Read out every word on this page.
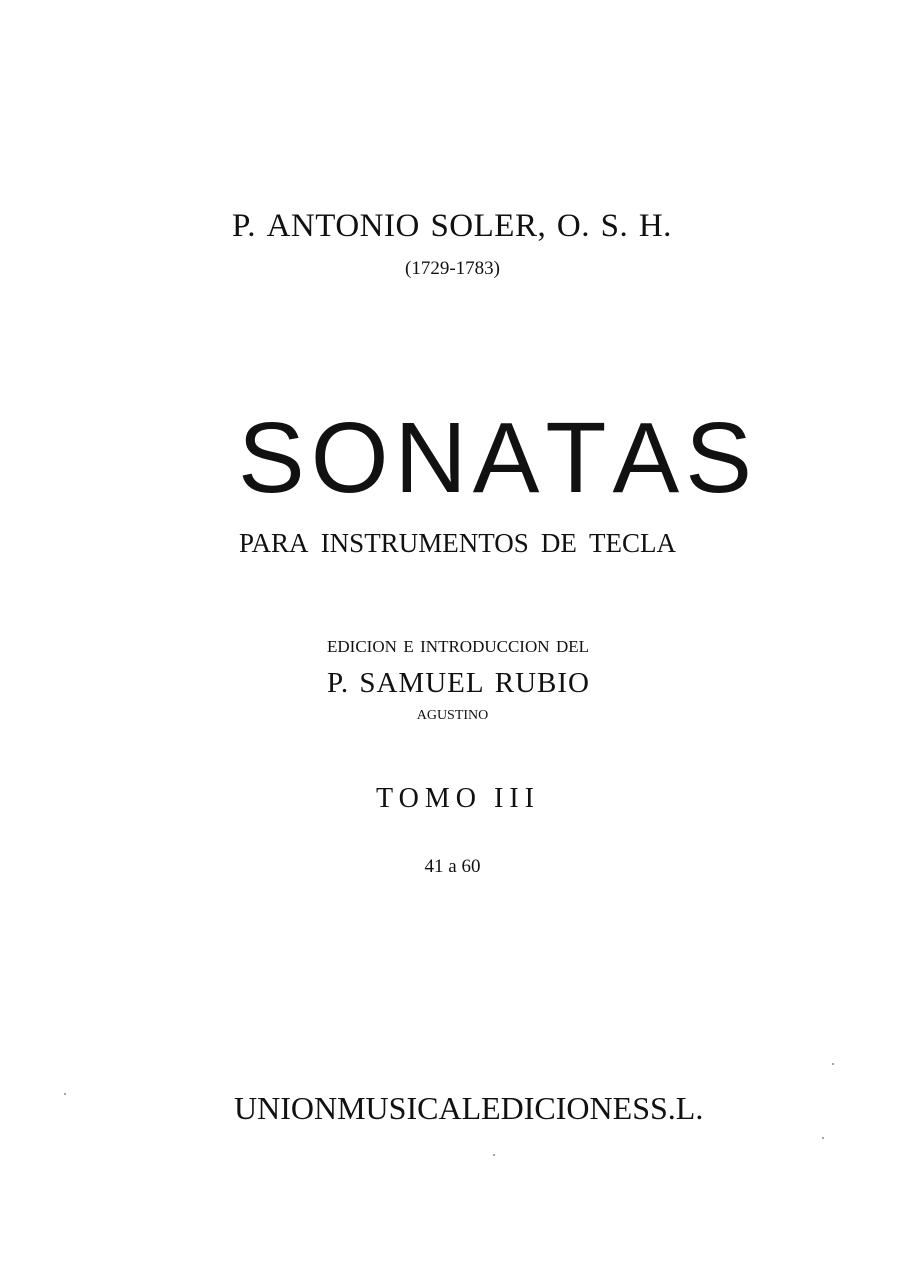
P. ANTONIO SOLER, O. S. H.
(1729-1783)
S O N A T A S
PARA INSTRUMENTOS DE TECLA
EDICION E INTRODUCCION DEL
P. SAMUEL RUBIO
AGUSTINO
TOMO III
41 a 60
UNION MUSICAL EDICIONES S.L.
